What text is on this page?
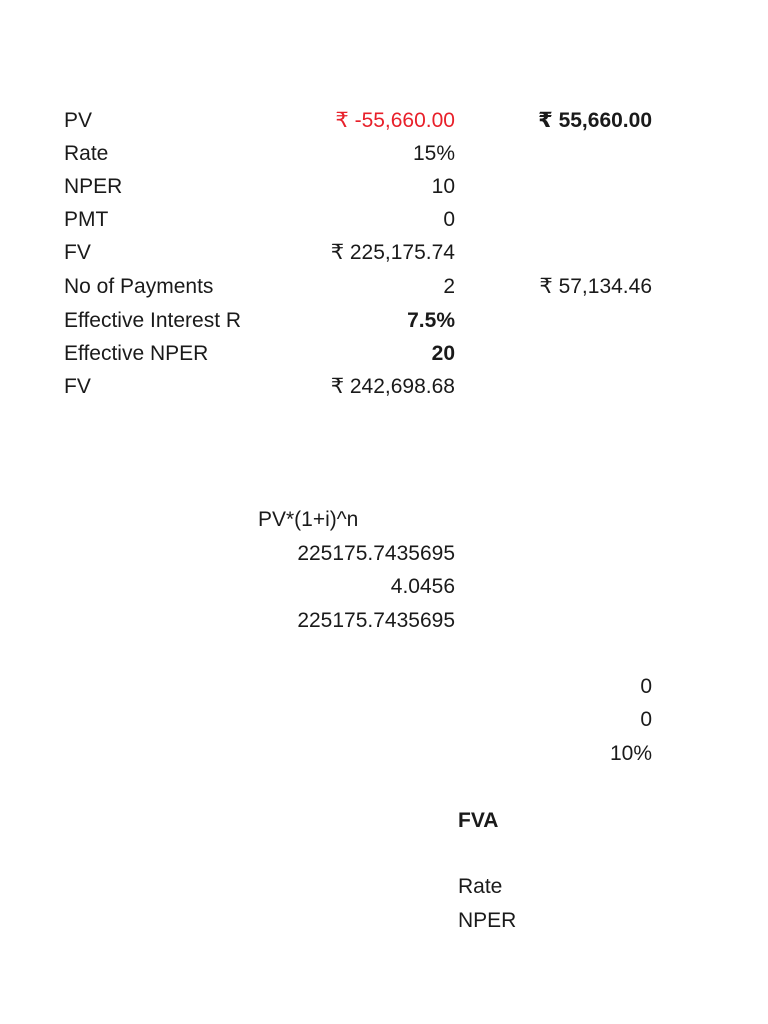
PV	₹ -55,660.00	₹ 55,660.00
Rate	15%
NPER	10
PMT	0
FV	₹ 225,175.74
No of Payments	2	₹ 57,134.46
Effective Interest R	7.5%
Effective NPER	20
FV	₹ 242,698.68
PV*(1+i)^n
225175.7435695
4.0456
225175.7435695
0
0
10%
FVA
Rate
NPER
